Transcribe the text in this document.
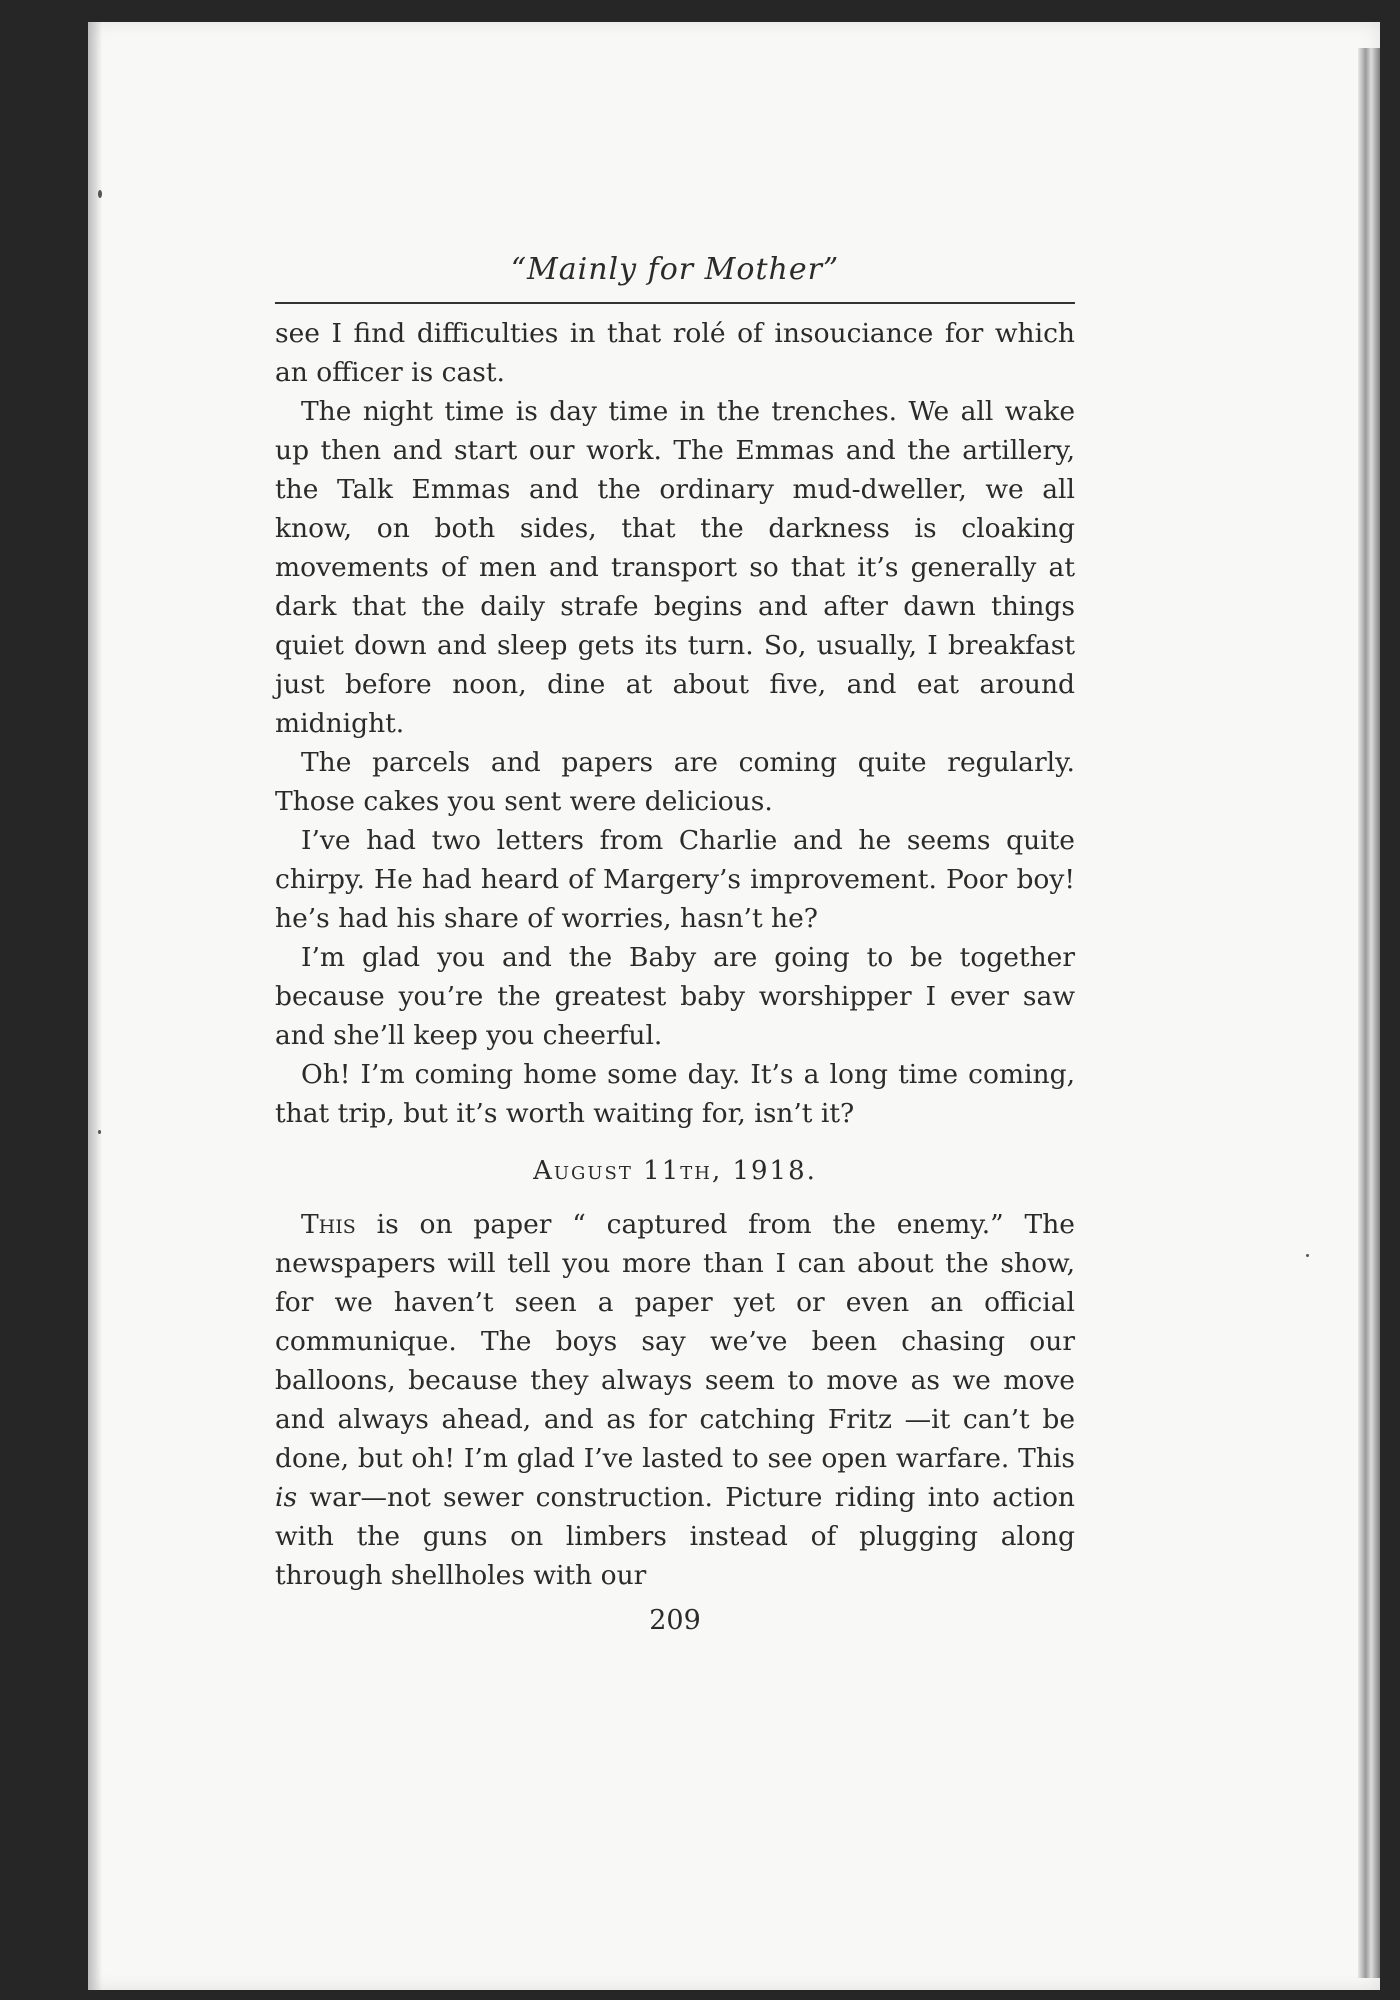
“Mainly for Mother”

see I find difficulties in that rolé of insouciance for which an officer is cast.

The night time is day time in the trenches. We all wake up then and start our work. The Emmas and the artillery, the Talk Emmas and the ordinary mud-dweller, we all know, on both sides, that the darkness is cloaking movements of men and transport so that it’s generally at dark that the daily strafe begins and after dawn things quiet down and sleep gets its turn. So, usually, I breakfast just before noon, dine at about five, and eat around midnight.

The parcels and papers are coming quite regularly. Those cakes you sent were delicious.

I’ve had two letters from Charlie and he seems quite chirpy. He had heard of Margery’s improvement. Poor boy! he’s had his share of worries, hasn’t he?

I’m glad you and the Baby are going to be together because you’re the greatest baby worshipper I ever saw and she’ll keep you cheerful.

Oh! I’m coming home some day. It’s a long time coming, that trip, but it’s worth waiting for, isn’t it?

August 11th, 1918.

This is on paper “ captured from the enemy.” The newspapers will tell you more than I can about the show, for we haven’t seen a paper yet or even an official communique. The boys say we’ve been chasing our balloons, because they always seem to move as we move and always ahead, and as for catching Fritz —it can’t be done, but oh! I’m glad I’ve lasted to see open warfare. This is war—not sewer construction. Picture riding into action with the guns on limbers instead of plugging along through shellholes with our

209
